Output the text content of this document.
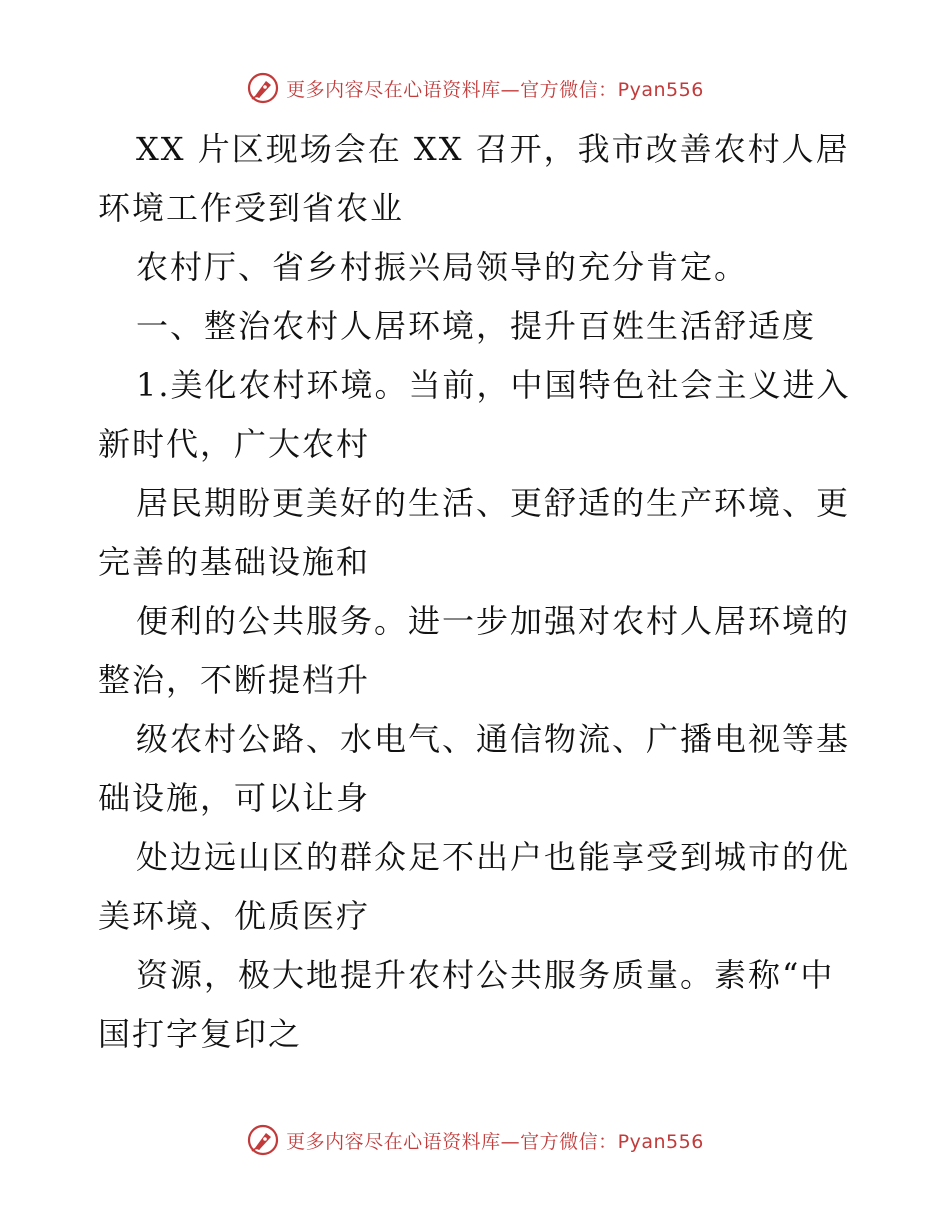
更多内容尽在心语资料库—官方微信：Pyan556

XX 片区现场会在 XX 召开，我市改善农村人居环境工作受到省农业

农村厅、省乡村振兴局领导的充分肯定。

一、整治农村人居环境，提升百姓生活舒适度

1.美化农村环境。当前，中国特色社会主义进入新时代，广大农村

居民期盼更美好的生活、更舒适的生产环境、更完善的基础设施和

便利的公共服务。进一步加强对农村人居环境的整治，不断提档升

级农村公路、水电气、通信物流、广播电视等基础设施，可以让身

处边远山区的群众足不出户也能享受到城市的优美环境、优质医疗

资源，极大地提升农村公共服务质量。素称“中国打字复印之

更多内容尽在心语资料库—官方微信：Pyan556
